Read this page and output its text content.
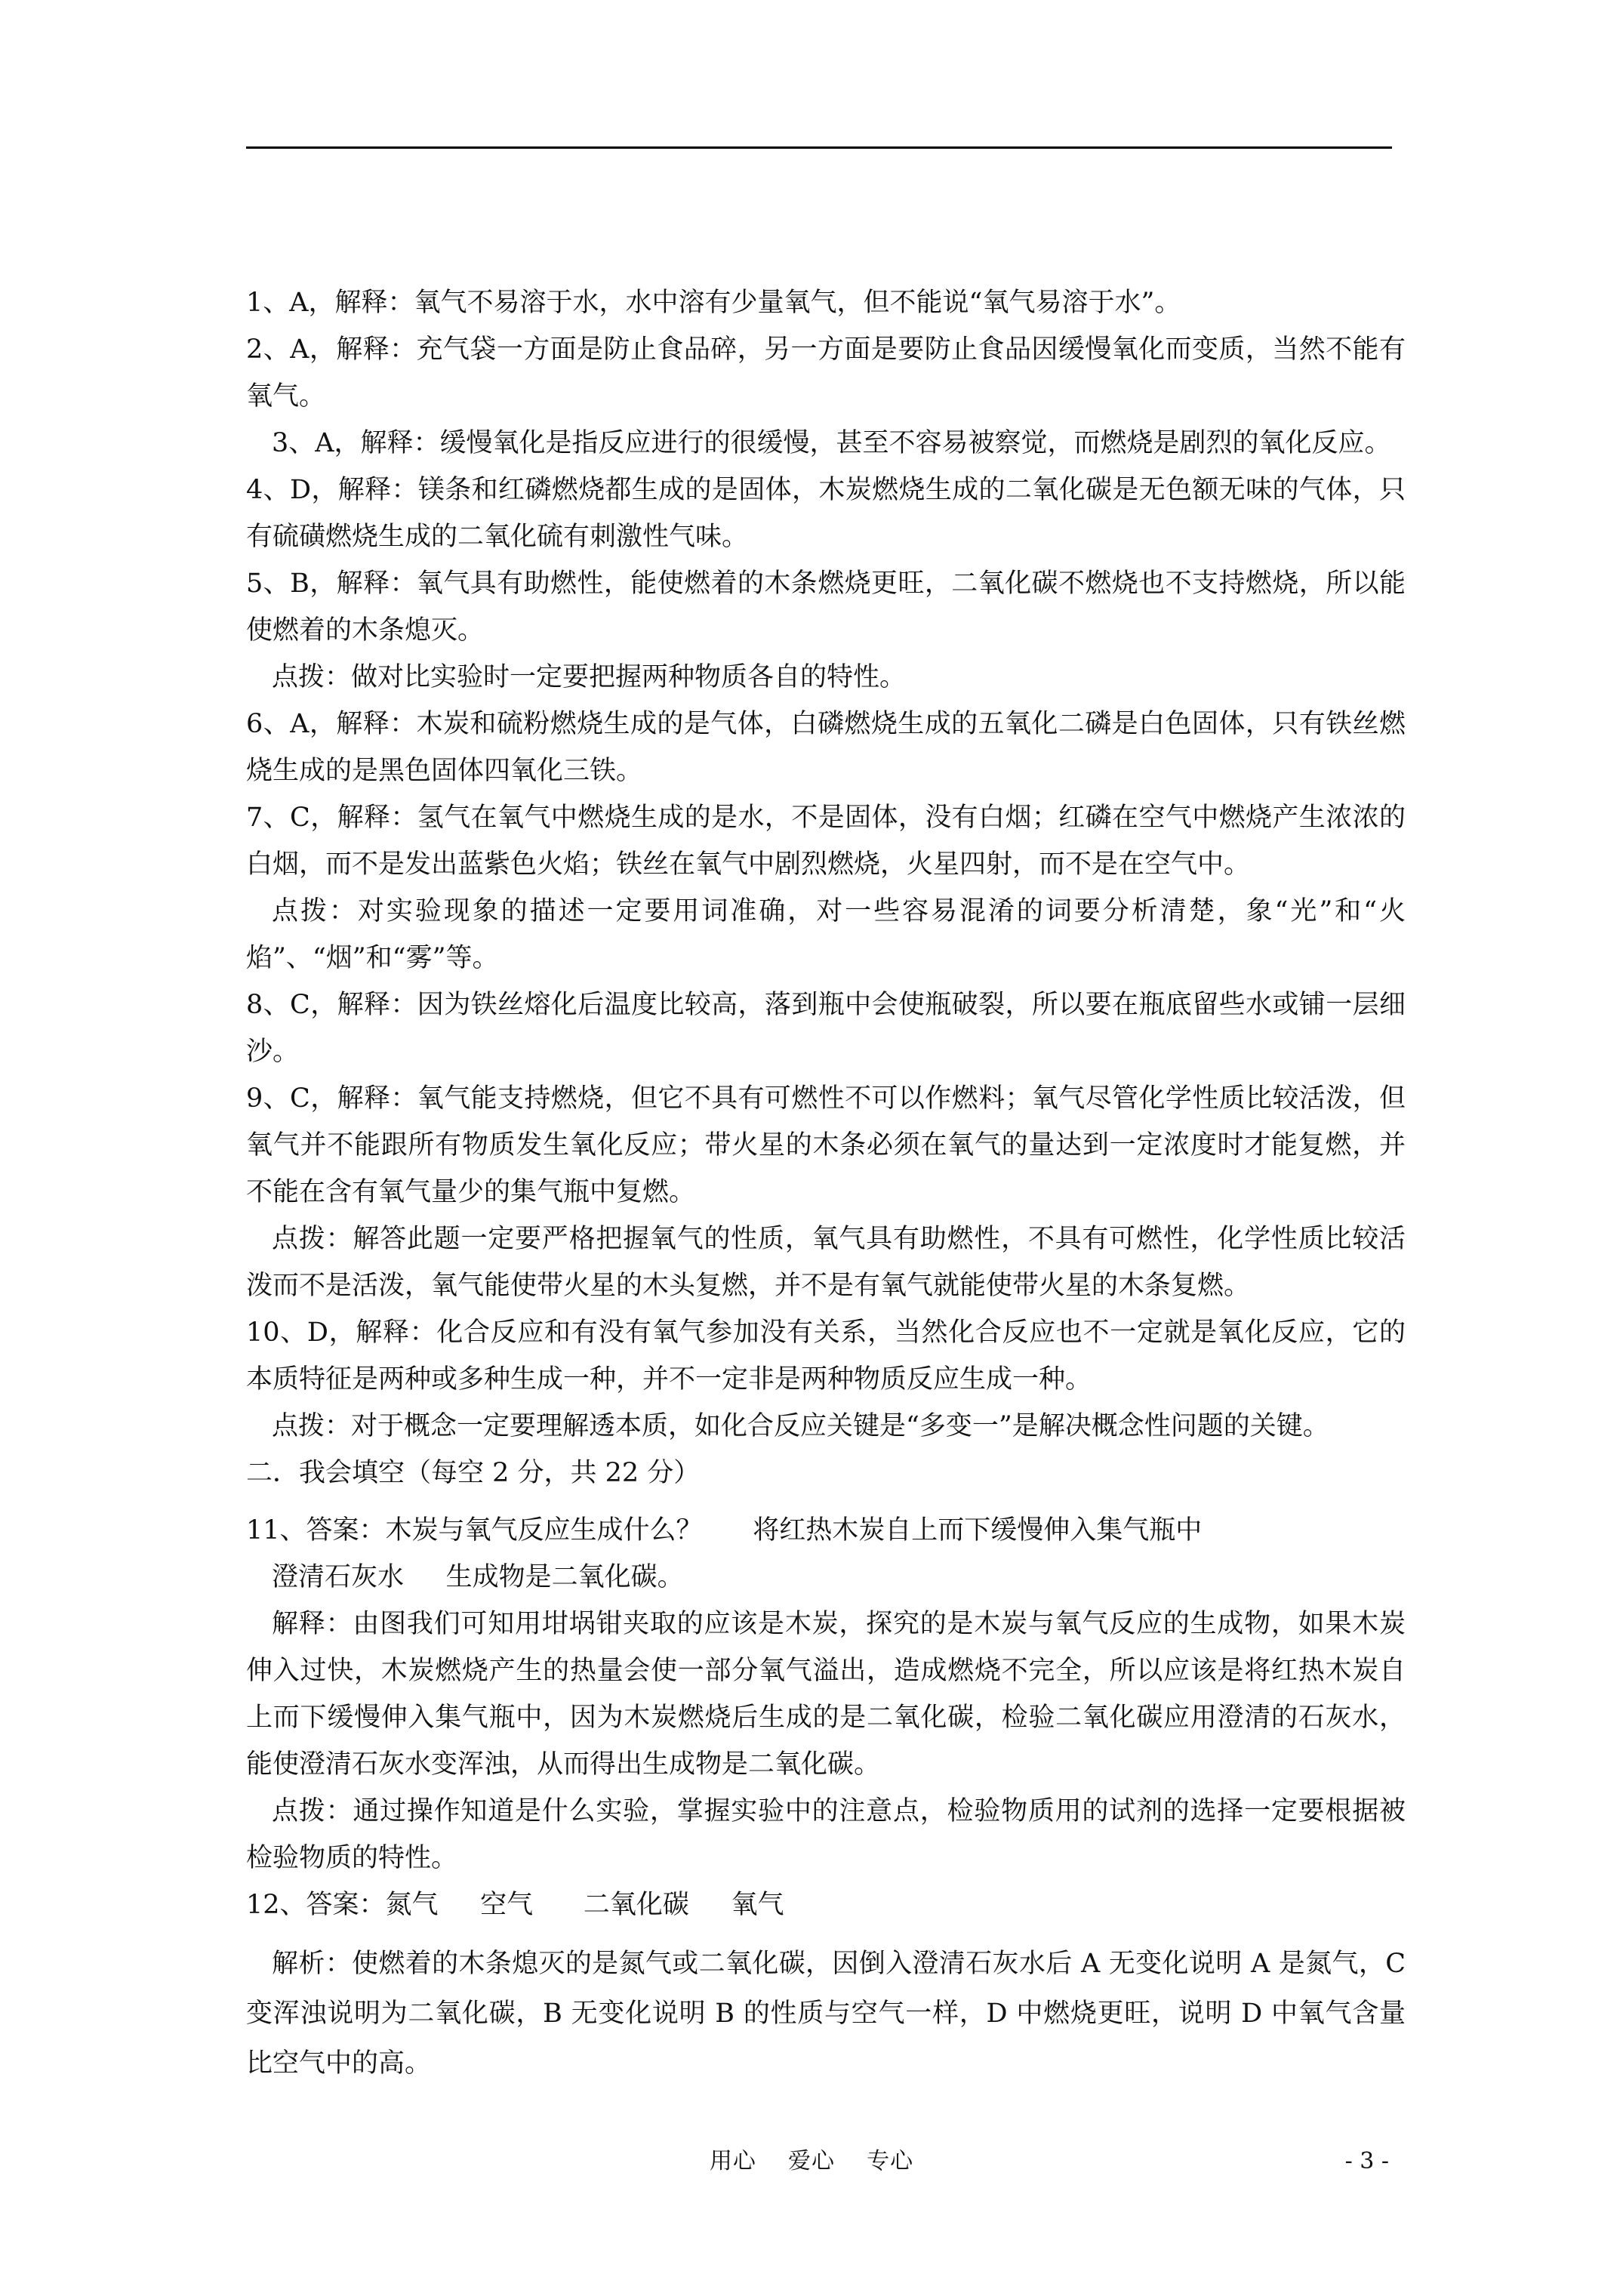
1、A，解释：氧气不易溶于水，水中溶有少量氧气，但不能说“氧气易溶于水”。

2、A，解释：充气袋一方面是防止食品碎，另一方面是要防止食品因缓慢氧化而变质，当然不能有氧气。

3、A，解释：缓慢氧化是指反应进行的很缓慢，甚至不容易被察觉，而燃烧是剧烈的氧化反应。

4、D，解释：镁条和红磷燃烧都生成的是固体，木炭燃烧生成的二氧化碳是无色额无味的气体，只有硫磺燃烧生成的二氧化硫有刺激性气味。

5、B，解释：氧气具有助燃性，能使燃着的木条燃烧更旺，二氧化碳不燃烧也不支持燃烧，所以能使燃着的木条熄灭。

点拨：做对比实验时一定要把握两种物质各自的特性。

6、A，解释：木炭和硫粉燃烧生成的是气体，白磷燃烧生成的五氧化二磷是白色固体，只有铁丝燃烧生成的是黑色固体四氧化三铁。

7、C，解释：氢气在氧气中燃烧生成的是水，不是固体，没有白烟；红磷在空气中燃烧产生浓浓的白烟，而不是发出蓝紫色火焰；铁丝在氧气中剧烈燃烧，火星四射，而不是在空气中。

点拨：对实验现象的描述一定要用词准确，对一些容易混淆的词要分析清楚，象“光”和“火焰”、“烟”和“雾”等。

8、C，解释：因为铁丝熔化后温度比较高，落到瓶中会使瓶破裂，所以要在瓶底留些水或铺一层细沙。

9、C，解释：氧气能支持燃烧，但它不具有可燃性不可以作燃料；氧气尽管化学性质比较活泼，但氧气并不能跟所有物质发生氧化反应；带火星的木条必须在氧气的量达到一定浓度时才能复燃，并不能在含有氧气量少的集气瓶中复燃。

点拨：解答此题一定要严格把握氧气的性质，氧气具有助燃性，不具有可燃性，化学性质比较活泼而不是活泼，氧气能使带火星的木头复燃，并不是有氧气就能使带火星的木条复燃。

10、D，解释：化合反应和有没有氧气参加没有关系，当然化合反应也不一定就是氧化反应，它的本质特征是两种或多种生成一种，并不一定非是两种物质反应生成一种。

点拨：对于概念一定要理解透本质，如化合反应关键是“多变一”是解决概念性问题的关键。

二．我会填空（每空 2 分，共 22 分）

11、答案：木炭与氧气反应生成什么？      将红热木炭自上而下缓慢伸入集气瓶中

澄清石灰水     生成物是二氧化碳。

解释：由图我们可知用坩埚钳夹取的应该是木炭，探究的是木炭与氧气反应的生成物，如果木炭伸入过快，木炭燃烧产生的热量会使一部分氧气溢出，造成燃烧不完全，所以应该是将红热木炭自上而下缓慢伸入集气瓶中，因为木炭燃烧后生成的是二氧化碳，检验二氧化碳应用澄清的石灰水，能使澄清石灰水变浑浊，从而得出生成物是二氧化碳。

点拨：通过操作知道是什么实验，掌握实验中的注意点，检验物质用的试剂的选择一定要根据被检验物质的特性。

12、答案：氮气     空气      二氧化碳     氧气

解析：使燃着的木条熄灭的是氮气或二氧化碳，因倒入澄清石灰水后 A 无变化说明 A 是氮气，C 变浑浊说明为二氧化碳，B 无变化说明 B 的性质与空气一样，D 中燃烧更旺，说明 D 中氧气含量比空气中的高。

用心    爱心    专心	- 3 -
